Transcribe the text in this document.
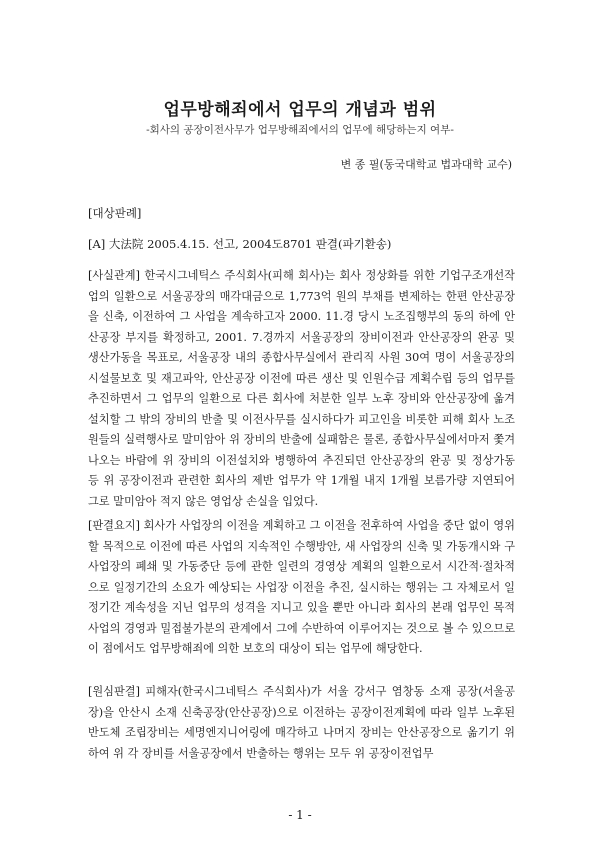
업무방해죄에서 업무의 개념과 범위
-회사의 공장이전사무가 업무방해죄에서의 업무에 해당하는지 여부-
변 종 필(동국대학교 법과대학 교수)
[대상판례]
[A] 大法院 2005.4.15. 선고, 2004도8701 판결(파기환송)
[사실관계] 한국시그네틱스 주식회사(피해 회사)는 회사 정상화를 위한 기업구조개선작업의 일환으로 서울공장의 매각대금으로 1,773억 원의 부채를 변제하는 한편 안산공장을 신축, 이전하여 그 사업을 계속하고자 2000. 11.경 당시 노조집행부의 동의 하에 안산공장 부지를 확정하고, 2001. 7.경까지 서울공장의 장비이전과 안산공장의 완공 및 생산가동을 목표로, 서울공장 내의 종합사무실에서 관리직 사원 30여 명이 서울공장의 시설물보호 및 재고파악, 안산공장 이전에 따른 생산 및 인원수급 계획수립 등의 업무를 추진하면서 그 업무의 일환으로 다른 회사에 처분한 일부 노후 장비와 안산공장에 옮겨 설치할 그 밖의 장비의 반출 및 이전사무를 실시하다가 피고인을 비롯한 피해 회사 노조원들의 실력행사로 말미암아 위 장비의 반출에 실패함은 물론, 종합사무실에서마저 쫓겨 나오는 바람에 위 장비의 이전설치와 병행하여 추진되던 안산공장의 완공 및 정상가동 등 위 공장이전과 관련한 회사의 제반 업무가 약 1개월 내지 1개월 보름가량 지연되어 그로 말미암아 적지 않은 영업상 손실을 입었다.
[판결요지] 회사가 사업장의 이전을 계획하고 그 이전을 전후하여 사업을 중단 없이 영위할 목적으로 이전에 따른 사업의 지속적인 수행방안, 새 사업장의 신축 및 가동개시와 구 사업장의 폐쇄 및 가동중단 등에 관한 일련의 경영상 계획의 일환으로서 시간적·절차적으로 일정기간의 소요가 예상되는 사업장 이전을 추진, 실시하는 행위는 그 자체로서 일정기간 계속성을 지닌 업무의 성격을 지니고 있을 뿐만 아니라 회사의 본래 업무인 목적 사업의 경영과 밀접불가분의 관계에서 그에 수반하여 이루어지는 것으로 볼 수 있으므로 이 점에서도 업무방해죄에 의한 보호의 대상이 되는 업무에 해당한다.
[원심판결] 피해자(한국시그네틱스 주식회사)가 서울 강서구 염창동 소재 공장(서울공장)을 안산시 소재 신축공장(안산공장)으로 이전하는 공장이전계획에 따라 일부 노후된 반도체 조립장비는 세명엔지니어링에 매각하고 나머지 장비는 안산공장으로 옮기기 위하여 위 각 장비를 서울공장에서 반출하는 행위는 모두 위 공장이전업무
- 1 -
